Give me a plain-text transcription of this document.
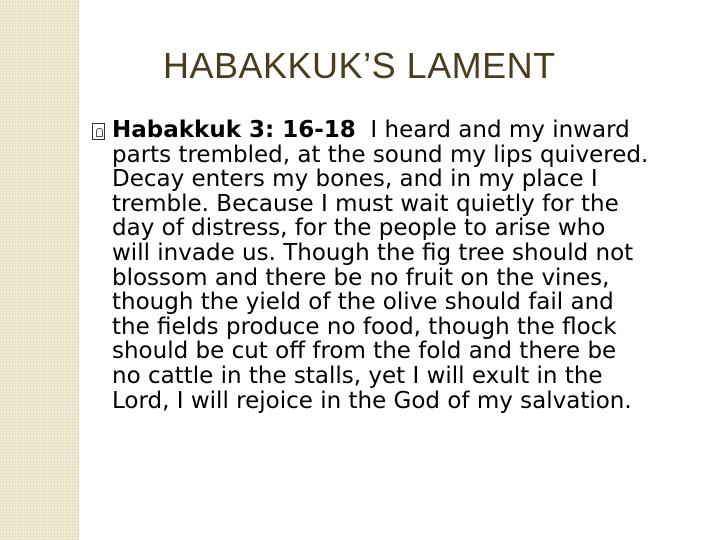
HABAKKUK’S LAMENT

Habakkuk 3: 16-18 I heard and my inward

parts trembled, at the sound my lips quivered.

Decay enters my bones, and in my place I

tremble. Because I must wait quietly for the

day of distress, for the people to arise who

will invade us. Though the fig tree should not

blossom and there be no fruit on the vines,

though the yield of the olive should fail and

the fields produce no food, though the flock

should be cut off from the fold and there be

no cattle in the stalls, yet I will exult in the

Lord, I will rejoice in the God of my salvation.
